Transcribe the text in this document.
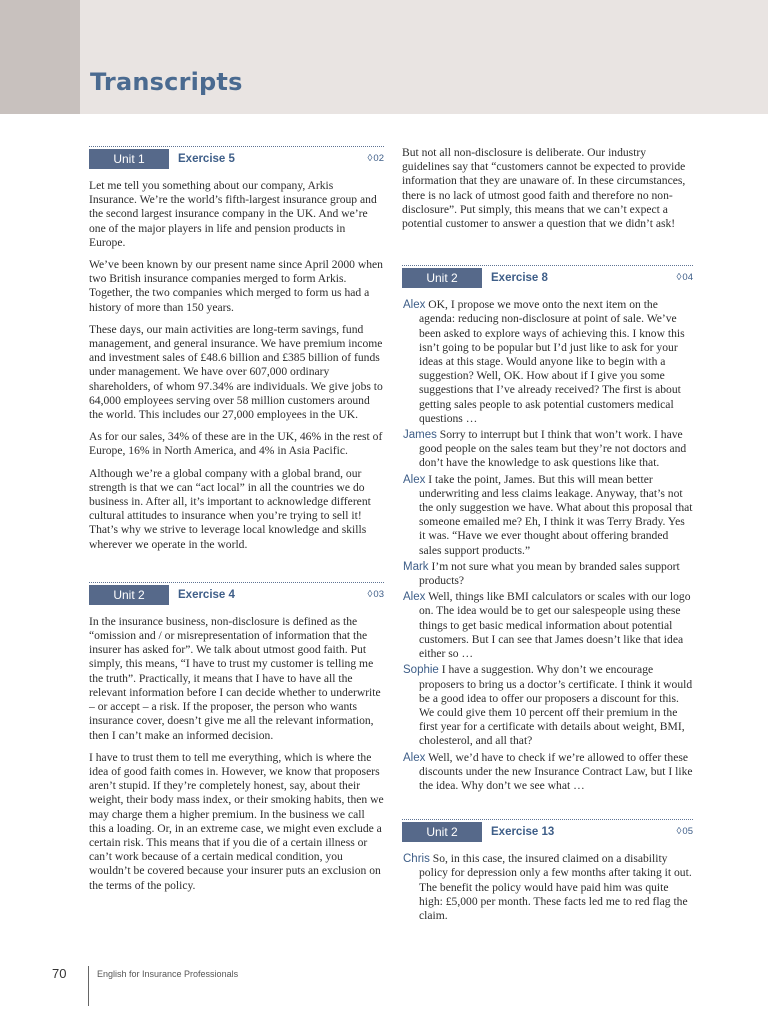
Transcripts
Unit 1	Exercise 5	◊02

Let me tell you something about our company, Arkis Insurance. We’re the world’s fifth-largest insurance group and the second largest insurance company in the UK. And we’re one of the major players in life and pension products in Europe.

We’ve been known by our present name since April 2000 when two British insurance companies merged to form Arkis. Together, the two companies which merged to form us had a history of more than 150 years.

These days, our main activities are long-term savings, fund management, and general insurance. We have premium income and investment sales of £48.6 billion and £385 billion of funds under management. We have over 607,000 ordinary shareholders, of whom 97.34% are individuals. We give jobs to 64,000 employees serving over 58 million customers around the world. This includes our 27,000 employees in the UK.

As for our sales, 34% of these are in the UK, 46% in the rest of Europe, 16% in North America, and 4% in Asia Pacific.

Although we’re a global company with a global brand, our strength is that we can “act local” in all the countries we do business in. After all, it’s important to acknowledge different cultural attitudes to insurance when you’re trying to sell it! That’s why we strive to leverage local knowledge and skills wherever we operate in the world.

Unit 2	Exercise 4	◊03

In the insurance business, non-disclosure is defined as the “omission and / or misrepresentation of information that the insurer has asked for”. We talk about utmost good faith. Put simply, this means, “I have to trust my customer is telling me the truth”. Practically, it means that I have to have all the relevant information before I can decide whether to underwrite – or accept – a risk. If the proposer, the person who wants insurance cover, doesn’t give me all the relevant information, then I can’t make an informed decision.

I have to trust them to tell me everything, which is where the idea of good faith comes in. However, we know that proposers aren’t stupid. If they’re completely honest, say, about their weight, their body mass index, or their smoking habits, then we may charge them a higher premium. In the business we call this a loading. Or, in an extreme case, we might even exclude a certain risk. This means that if you die of a certain illness or can’t work because of a certain medical condition, you wouldn’t be covered because your insurer puts an exclusion on the terms of the policy.

But not all non-disclosure is deliberate. Our industry guidelines say that “customers cannot be expected to provide information that they are unaware of. In these circumstances, there is no lack of utmost good faith and therefore no non-disclosure”. Put simply, this means that we can’t expect a potential customer to answer a question that we didn’t ask!

Unit 2	Exercise 8	◊04

Alex OK, I propose we move onto the next item on the agenda: reducing non-disclosure at point of sale. We’ve been asked to explore ways of achieving this. I know this isn’t going to be popular but I’d just like to ask for your ideas at this stage. Would anyone like to begin with a suggestion? Well, OK. How about if I give you some suggestions that I’ve already received? The first is about getting sales people to ask potential customers medical questions …

James Sorry to interrupt but I think that won’t work. I have good people on the sales team but they’re not doctors and don’t have the knowledge to ask questions like that.

Alex I take the point, James. But this will mean better underwriting and less claims leakage. Anyway, that’s not the only suggestion we have. What about this proposal that someone emailed me? Eh, I think it was Terry Brady. Yes it was. “Have we ever thought about offering branded sales support products.”

Mark I’m not sure what you mean by branded sales support products?

Alex Well, things like BMI calculators or scales with our logo on. The idea would be to get our salespeople using these things to get basic medical information about potential customers. But I can see that James doesn’t like that idea either so …

Sophie I have a suggestion. Why don’t we encourage proposers to bring us a doctor’s certificate. I think it would be a good idea to offer our proposers a discount for this. We could give them 10 percent off their premium in the first year for a certificate with details about weight, BMI, cholesterol, and all that?

Alex Well, we’d have to check if we’re allowed to offer these discounts under the new Insurance Contract Law, but I like the idea. Why don’t we see what …

Unit 2	Exercise 13	◊05

Chris So, in this case, the insured claimed on a disability policy for depression only a few months after taking it out. The benefit the policy would have paid him was quite high: £5,000 per month. These facts led me to red flag the claim.

70	English for Insurance Professionals
